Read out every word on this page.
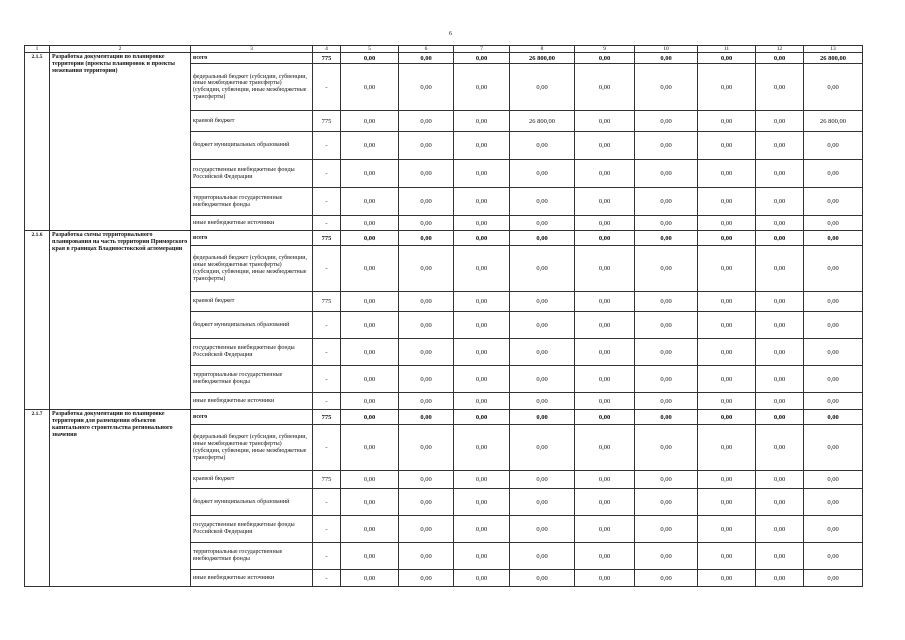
6
1	2	3	4	5	6	7	8	9	10	11	12	13
2.1.5	Разработка документации по планировке территории (проекты планировок и проекты межевания территории)	всего	775	0,00	0,00	0,00	26 800,00	0,00	0,00	0,00	0,00	26 800,00
		федеральный бюджет (субсидии, субвенции, иные межбюджетные трансферты) (субсидии, субвенции, иные межбюджетные трансферты)	-	0,00	0,00	0,00	0,00	0,00	0,00	0,00	0,00	0,00
		краевой бюджет	775	0,00	0,00	0,00	26 800,00	0,00	0,00	0,00	0,00	26 800,00
		бюджет муниципальных образований	-	0,00	0,00	0,00	0,00	0,00	0,00	0,00	0,00	0,00
		государственные внебюджетные фонды Российской Федерации	-	0,00	0,00	0,00	0,00	0,00	0,00	0,00	0,00	0,00
		территориальные государственные внебюджетные фонды	-	0,00	0,00	0,00	0,00	0,00	0,00	0,00	0,00	0,00
		иные внебюджетные источники	-	0,00	0,00	0,00	0,00	0,00	0,00	0,00	0,00	0,00
2.1.6	Разработка схемы территориального планирования на часть территории Приморского края в границах Владивостокской агломерации	всего	775	0,00	0,00	0,00	0,00	0,00	0,00	0,00	0,00	0,00
		федеральный бюджет (субсидии, субвенции, иные межбюджетные трансферты) (субсидии, субвенции, иные межбюджетные трансферты)	-	0,00	0,00	0,00	0,00	0,00	0,00	0,00	0,00	0,00
		краевой бюджет	775	0,00	0,00	0,00	0,00	0,00	0,00	0,00	0,00	0,00
		бюджет муниципальных образований	-	0,00	0,00	0,00	0,00	0,00	0,00	0,00	0,00	0,00
		государственные внебюджетные фонды Российской Федерации	-	0,00	0,00	0,00	0,00	0,00	0,00	0,00	0,00	0,00
		территориальные государственные внебюджетные фонды	-	0,00	0,00	0,00	0,00	0,00	0,00	0,00	0,00	0,00
		иные внебюджетные источники	-	0,00	0,00	0,00	0,00	0,00	0,00	0,00	0,00	0,00
2.1.7	Разработка документации по планировке территории для размещения объектов капитального строительства регионального значения	всего	775	0,00	0,00	0,00	0,00	0,00	0,00	0,00	0,00	0,00
		федеральный бюджет (субсидии, субвенции, иные межбюджетные трансферты) (субсидии, субвенции, иные межбюджетные трансферты)	-	0,00	0,00	0,00	0,00	0,00	0,00	0,00	0,00	0,00
		краевой бюджет	775	0,00	0,00	0,00	0,00	0,00	0,00	0,00	0,00	0,00
		бюджет муниципальных образований	-	0,00	0,00	0,00	0,00	0,00	0,00	0,00	0,00	0,00
		государственные внебюджетные фонды Российской Федерации	-	0,00	0,00	0,00	0,00	0,00	0,00	0,00	0,00	0,00
		территориальные государственные внебюджетные фонды	-	0,00	0,00	0,00	0,00	0,00	0,00	0,00	0,00	0,00
		иные внебюджетные источники	-	0,00	0,00	0,00	0,00	0,00	0,00	0,00	0,00	0,00
